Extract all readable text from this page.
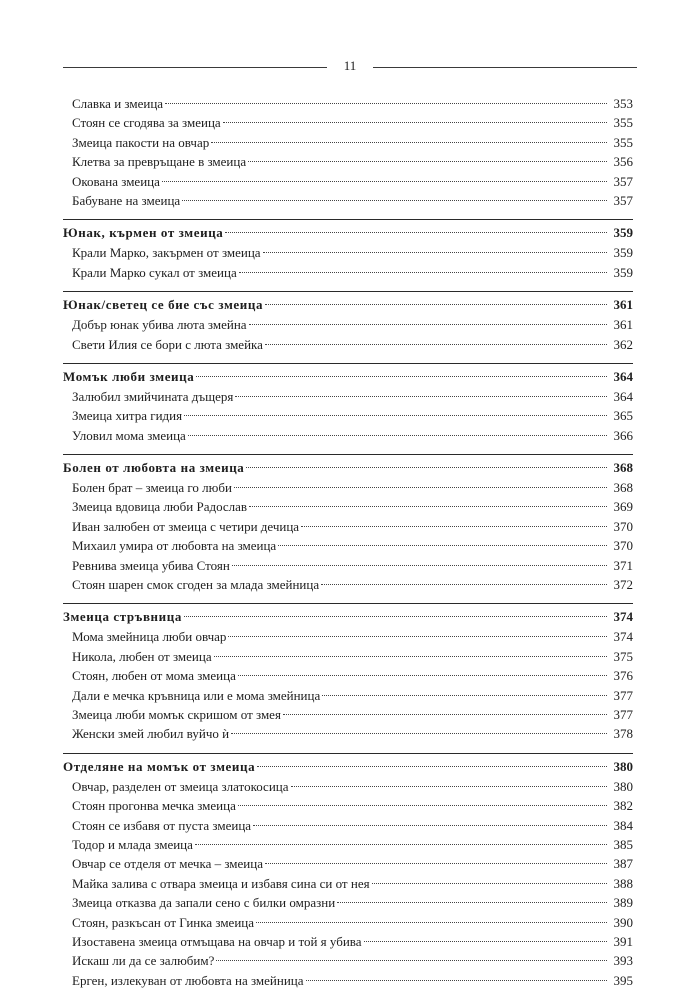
11
Славка и змеица	353
Стоян се сгодява за змеица	355
Змеица пакости на овчар	355
Клетва за превръщане в змеица	356
Окована змеица	357
Бабуване на змеица	357
Юнак, кърмен от змеица	359
Крали Марко, закърмен от змеица	359
Крали Марко сукал от змеица	359
Юнак/светец се бие със змеица	361
Добър юнак убива люта змейна	361
Свети Илия се бори с люта змейка	362
Момък люби змеица	364
Залюбил змийчината дъщеря	364
Змеица хитра гидия	365
Уловил мома змеица	366
Болен от любовта на змеица	368
Болен брат – змеица го люби	368
Змеица вдовица люби Радослав	369
Иван залюбен от змеица с четири дечица	370
Михаил умира от любовта на змеица	370
Ревнива змеица убива Стоян	371
Стоян шарен смок сгоден за млада змейница	372
Змеица стръвница	374
Мома змейница люби овчар	374
Никола, любен от змеица	375
Стоян, любен от мома змеица	376
Дали е мечка кръвница или е мома змейница	377
Змеица люби момък скришом от змея	377
Женски змей любил вуйчо ѝ	378
Отделяне на момък от змеица	380
Овчар, разделен от змеица златокосица	380
Стоян прогонва мечка змеица	382
Стоян се избавя от пуста змеица	384
Тодор и млада змеица	385
Овчар се отделя от мечка – змеица	387
Майка залива с отвара змеица и избавя сина си от нея	388
Змеица отказва да запали сено с билки омразни	389
Стоян, разкъсан от Гинка змеица	390
Изоставена змеица отмъщава на овчар и той я убива	391
Искаш ли да се залюбим?	393
Ерген, излекуван от любовта на змейница	395
